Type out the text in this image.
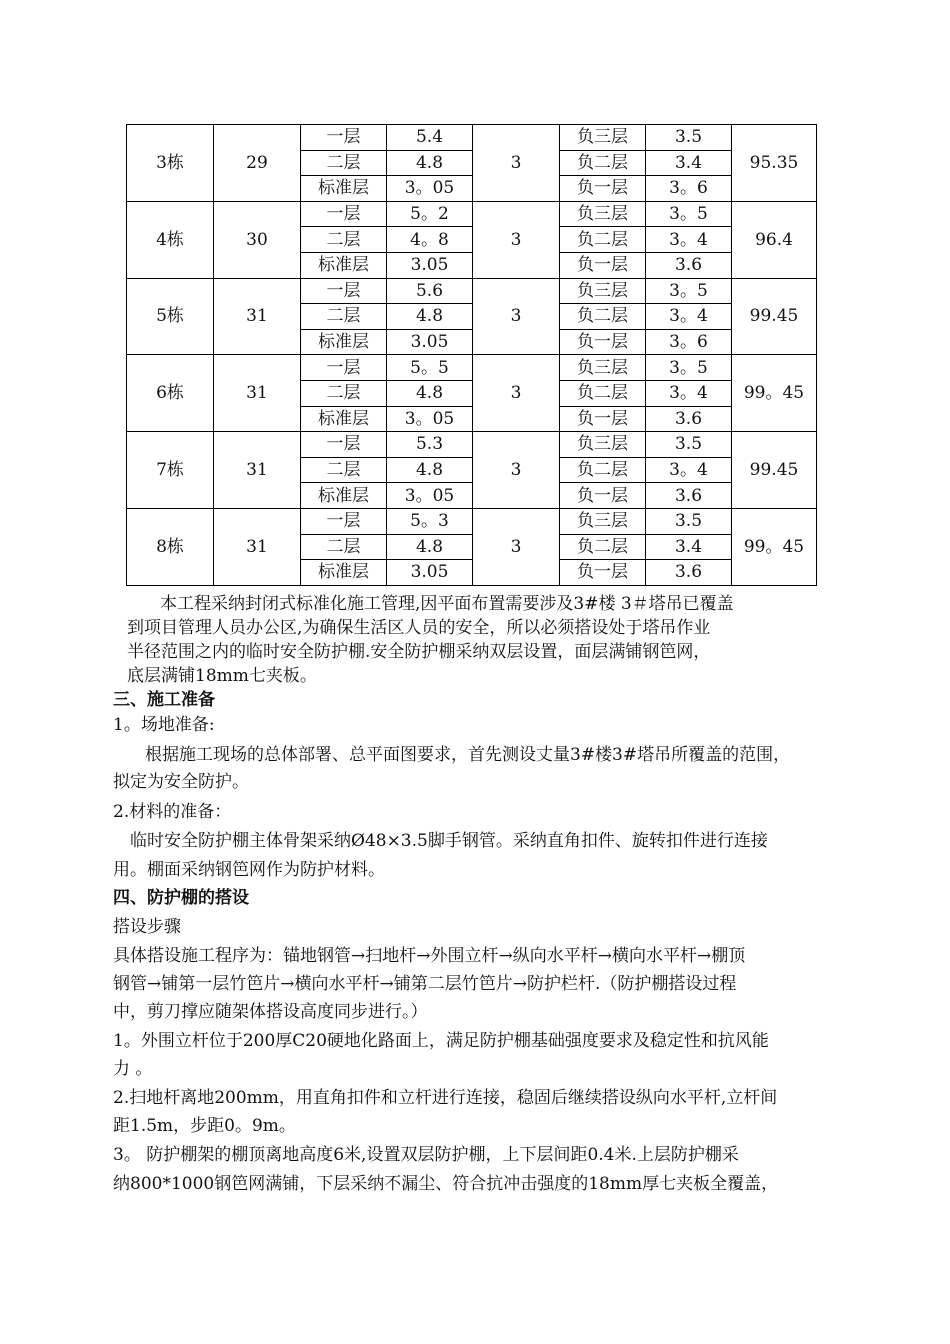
3栋	29	一层	5.4	3	负三层	3.5	95.35
		二层	4.8		负二层	3.4	
		标准层	3。05		负一层	3。6	
4栋	30	一层	5。2	3	负三层	3。5	96.4
		二层	4。8		负二层	3。4	
		标准层	3.05		负一层	3.6	
5栋	31	一层	5.6	3	负三层	3。5	99.45
		二层	4.8		负二层	3。4	
		标准层	3.05		负一层	3。6	
6栋	31	一层	5。5	3	负三层	3。5	99。45
		二层	4.8		负二层	3。4	
		标准层	3。05		负一层	3.6	
7栋	31	一层	5.3	3	负三层	3.5	99.45
		二层	4.8		负二层	3。4	
		标准层	3。05		负一层	3.6	
8栋	31	一层	5。3	3	负三层	3.5	99。45
		二层	4.8		负二层	3.4	
		标准层	3.05		负一层	3.6	
本工程采纳封闭式标准化施工管理,因平面布置需要涉及3#楼 3＃塔吊已覆盖
到项目管理人员办公区,为确保生活区人员的安全，所以必须搭设处于塔吊作业
半径范围之内的临时安全防护棚.安全防护棚采纳双层设置，面层满铺钢笆网，
底层满铺18mm七夹板。
三、施工准备
1。场地准备:
根据施工现场的总体部署、总平面图要求，首先测设丈量3#楼3#塔吊所覆盖的范围，
拟定为安全防护。
2.材料的准备：
临时安全防护棚主体骨架采纳Ø48×3.5脚手钢管。采纳直角扣件、旋转扣件进行连接
用。棚面采纳钢笆网作为防护材料。
四、防护棚的搭设
搭设步骤
具体搭设施工程序为：锚地钢管→扫地杆→外围立杆→纵向水平杆→横向水平杆→棚顶
钢管→铺第一层竹笆片→横向水平杆→铺第二层竹笆片→防护栏杆.（防护棚搭设过程
中，剪刀撑应随架体搭设高度同步进行。）
1。外围立杆位于200厚C20硬地化路面上，满足防护棚基础强度要求及稳定性和抗风能
力 。
2.扫地杆离地200mm，用直角扣件和立杆进行连接，稳固后继续搭设纵向水平杆,立杆间
距1.5m，步距0。9m。
3。 防护棚架的棚顶离地高度6米,设置双层防护棚，上下层间距0.4米.上层防护棚采
纳800*1000钢笆网满铺，下层采纳不漏尘、符合抗冲击强度的18mm厚七夹板全覆盖，
